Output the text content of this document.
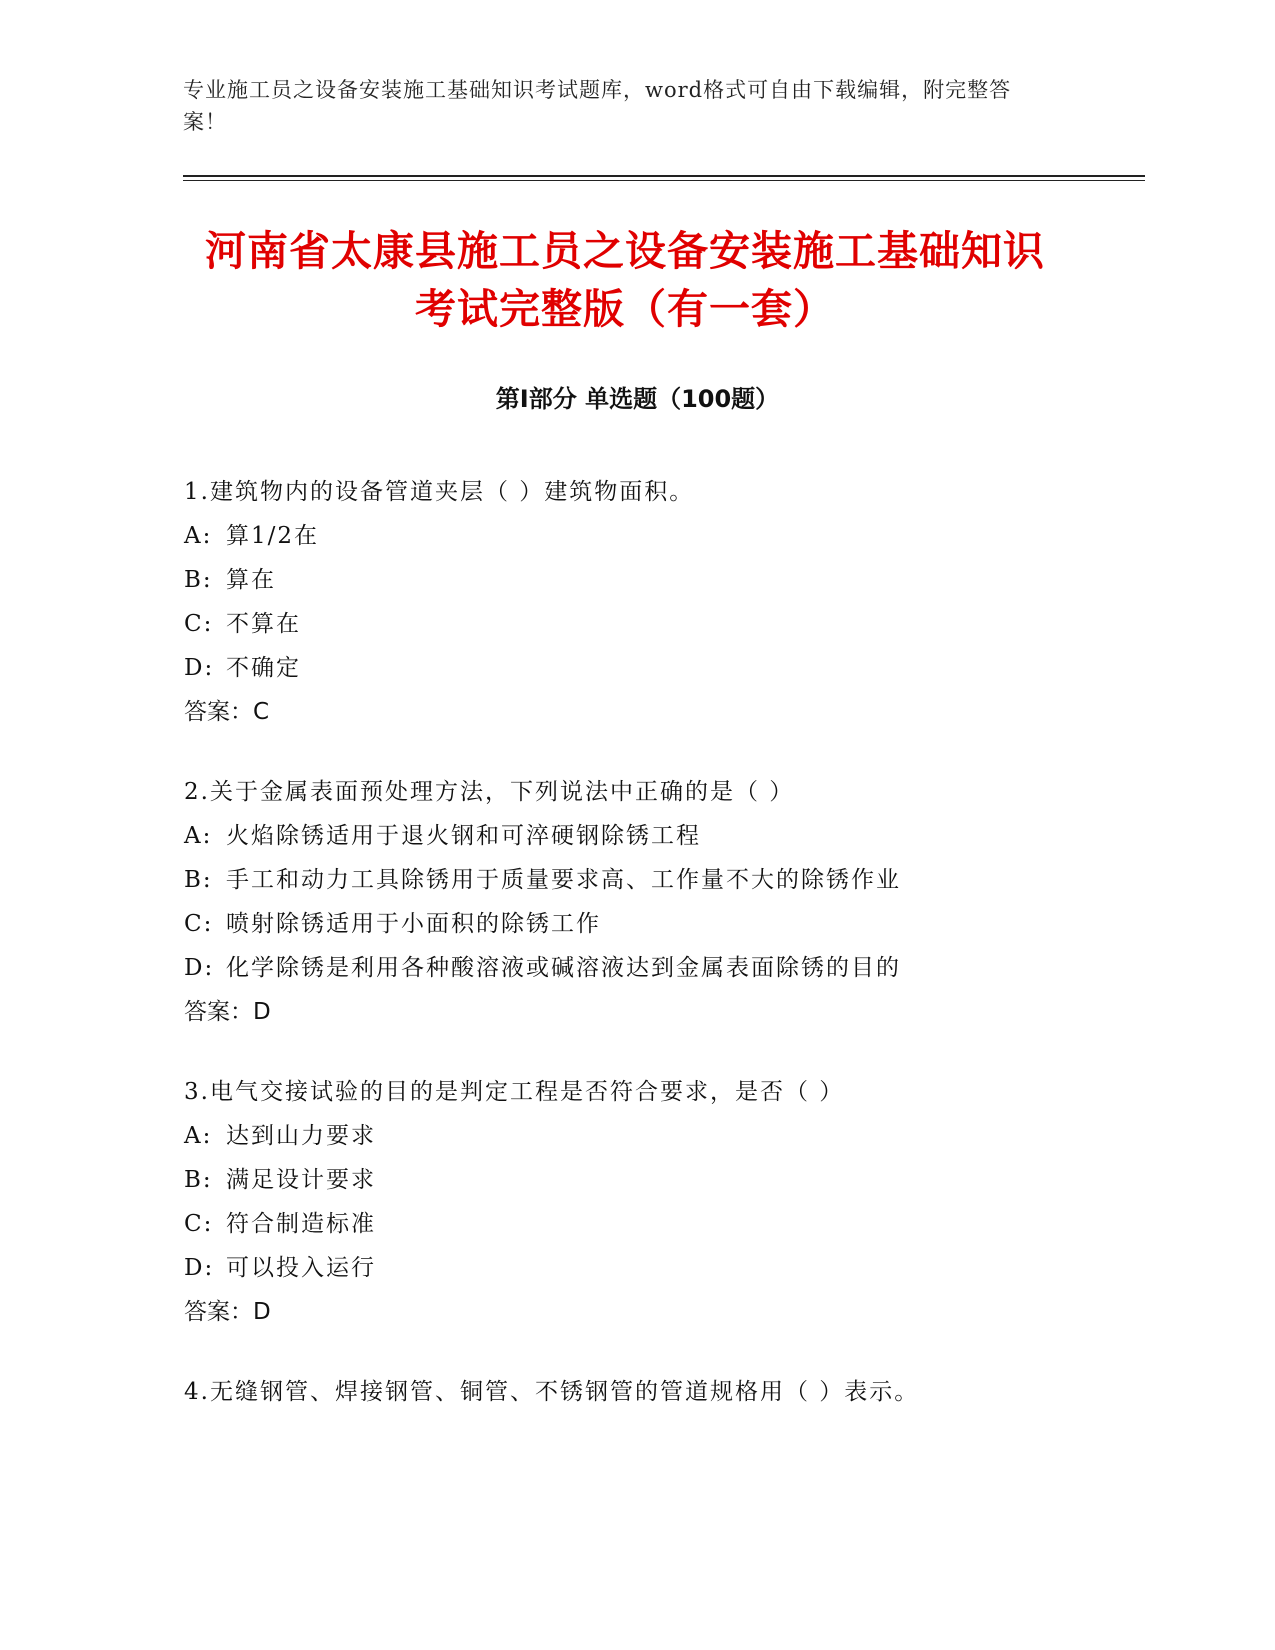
专业施工员之设备安装施工基础知识考试题库，word格式可自由下载编辑，附完整答案！
河南省太康县施工员之设备安装施工基础知识考试完整版（有一套）
第Ⅰ部分 单选题（100题）
1.建筑物内的设备管道夹层（ ）建筑物面积。
A: 算1/2在
B: 算在
C: 不算在
D: 不确定
答案：C
2.关于金属表面预处理方法，下列说法中正确的是（ ）
A: 火焰除锈适用于退火钢和可淬硬钢除锈工程
B: 手工和动力工具除锈用于质量要求高、工作量不大的除锈作业
C: 喷射除锈适用于小面积的除锈工作
D: 化学除锈是利用各种酸溶液或碱溶液达到金属表面除锈的目的
答案：D
3.电气交接试验的目的是判定工程是否符合要求，是否（ ）
A: 达到山力要求
B: 满足设计要求
C: 符合制造标准
D: 可以投入运行
答案：D
4.无缝钢管、焊接钢管、铜管、不锈钢管的管道规格用（ ）表示。
